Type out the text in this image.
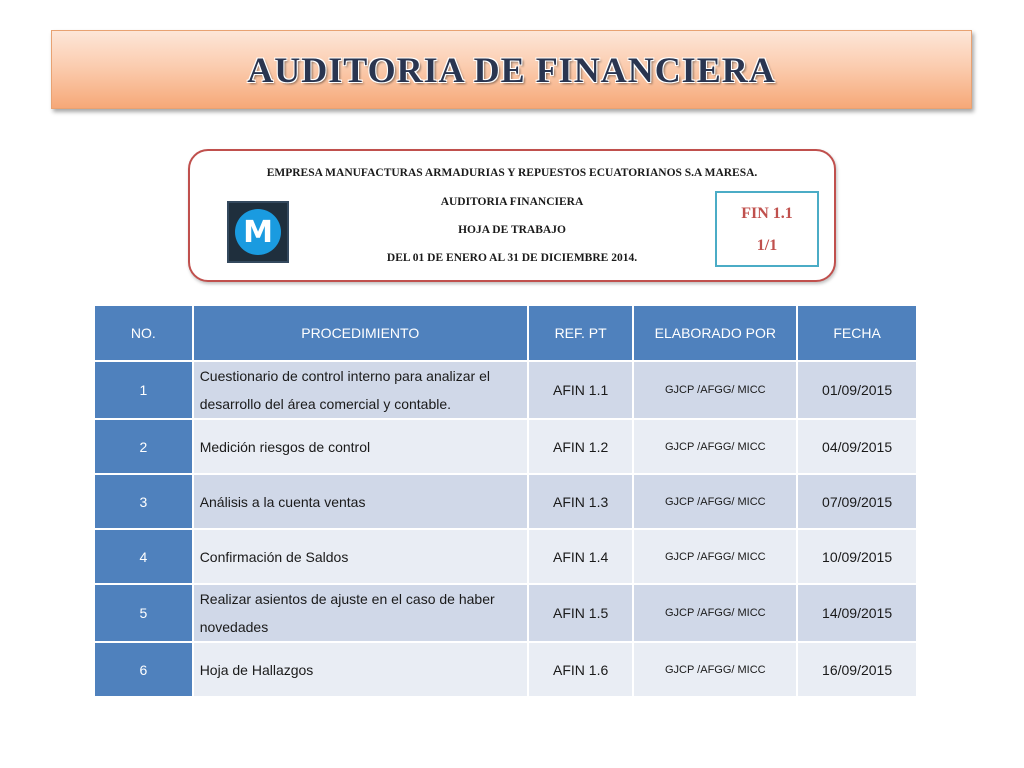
AUDITORIA DE FINANCIERA
EMPRESA MANUFACTURAS ARMADURIAS Y REPUESTOS ECUATORIANOS S.A MARESA.
AUDITORIA FINANCIERA
HOJA DE TRABAJO
DEL 01 DE ENERO AL 31 DE DICIEMBRE 2014.
M
FIN 1.1
1/1
NO.	PROCEDIMIENTO	REF. PT	ELABORADO POR	FECHA
1	Cuestionario de control interno para analizar el desarrollo del área comercial y contable.	AFIN 1.1	GJCP /AFGG/ MICC	01/09/2015
2	Medición riesgos de control	AFIN 1.2	GJCP /AFGG/ MICC	04/09/2015
3	Análisis a la cuenta ventas	AFIN 1.3	GJCP /AFGG/ MICC	07/09/2015
4	Confirmación de Saldos	AFIN 1.4	GJCP /AFGG/ MICC	10/09/2015
5	Realizar asientos de ajuste en el caso de haber novedades	AFIN 1.5	GJCP /AFGG/ MICC	14/09/2015
6	Hoja de Hallazgos	AFIN 1.6	GJCP /AFGG/ MICC	16/09/2015
